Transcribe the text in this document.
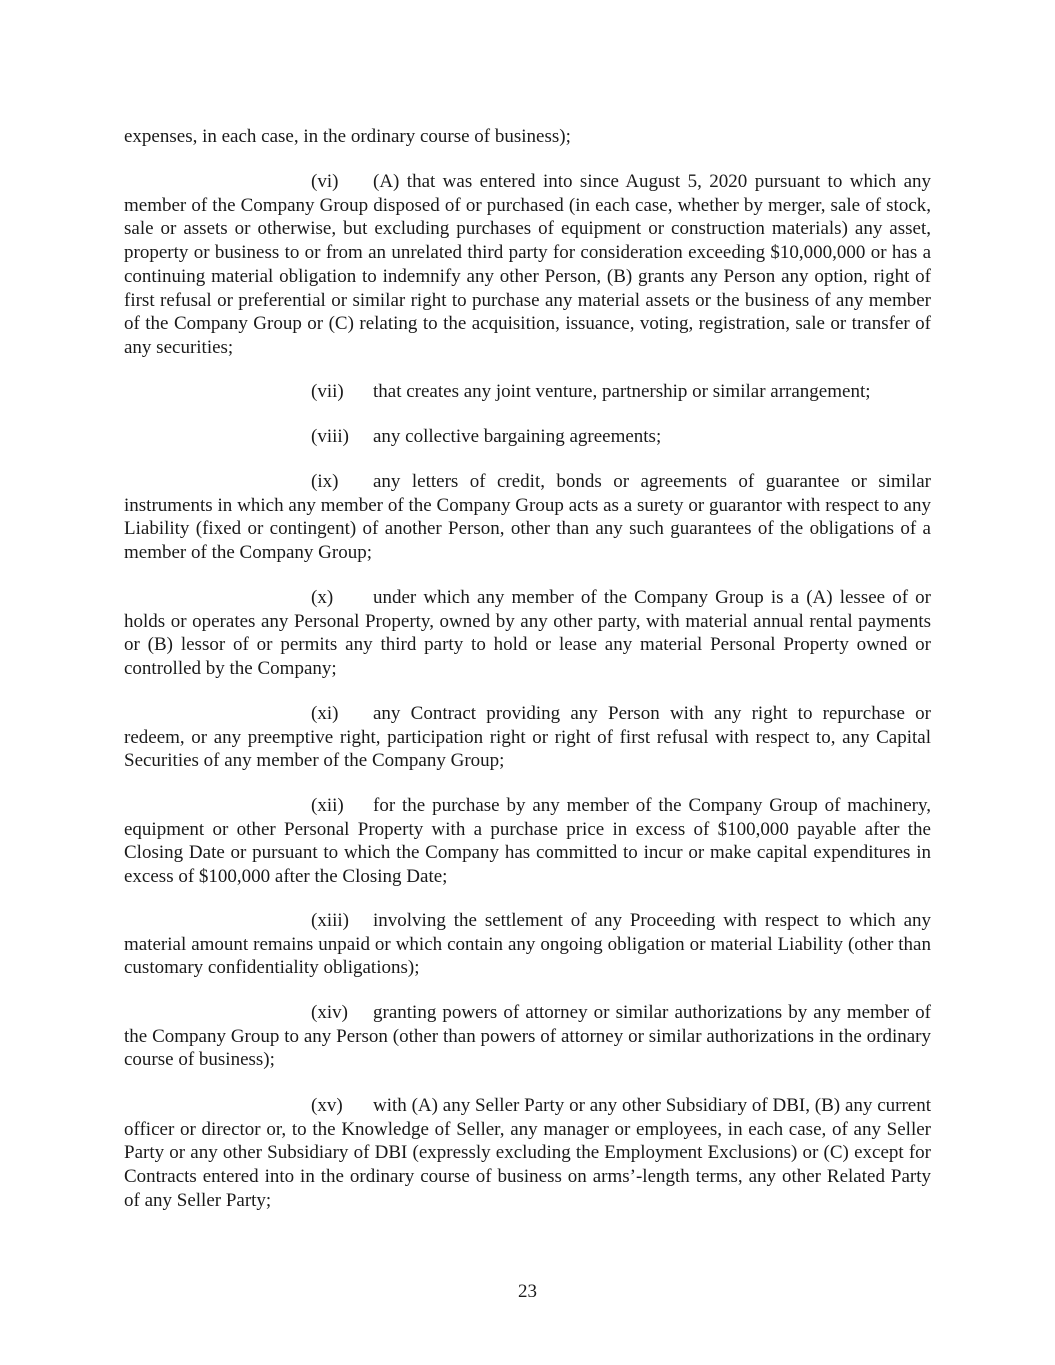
expenses, in each case, in the ordinary course of business);

(vi) (A) that was entered into since August 5, 2020 pursuant to which any member of the Company Group disposed of or purchased (in each case, whether by merger, sale of stock, sale or assets or otherwise, but excluding purchases of equipment or construction materials) any asset, property or business to or from an unrelated third party for consideration exceeding $10,000,000 or has a continuing material obligation to indemnify any other Person, (B) grants any Person any option, right of first refusal or preferential or similar right to purchase any material assets or the business of any member of the Company Group or (C) relating to the acquisition, issuance, voting, registration, sale or transfer of any securities;

(vii) that creates any joint venture, partnership or similar arrangement;

(viii) any collective bargaining agreements;

(ix) any letters of credit, bonds or agreements of guarantee or similar instruments in which any member of the Company Group acts as a surety or guarantor with respect to any Liability (fixed or contingent) of another Person, other than any such guarantees of the obligations of a member of the Company Group;

(x) under which any member of the Company Group is a (A) lessee of or holds or operates any Personal Property, owned by any other party, with material annual rental payments or (B) lessor of or permits any third party to hold or lease any material Personal Property owned or controlled by the Company;

(xi) any Contract providing any Person with any right to repurchase or redeem, or any preemptive right, participation right or right of first refusal with respect to, any Capital Securities of any member of the Company Group;

(xii) for the purchase by any member of the Company Group of machinery, equipment or other Personal Property with a purchase price in excess of $100,000 payable after the Closing Date or pursuant to which the Company has committed to incur or make capital expenditures in excess of $100,000 after the Closing Date;

(xiii) involving the settlement of any Proceeding with respect to which any material amount remains unpaid or which contain any ongoing obligation or material Liability (other than customary confidentiality obligations);

(xiv) granting powers of attorney or similar authorizations by any member of the Company Group to any Person (other than powers of attorney or similar authorizations in the ordinary course of business);

(xv) with (A) any Seller Party or any other Subsidiary of DBI, (B) any current officer or director or, to the Knowledge of Seller, any manager or employees, in each case, of any Seller Party or any other Subsidiary of DBI (expressly excluding the Employment Exclusions) or (C) except for Contracts entered into in the ordinary course of business on arms’-length terms, any other Related Party of any Seller Party;

23
